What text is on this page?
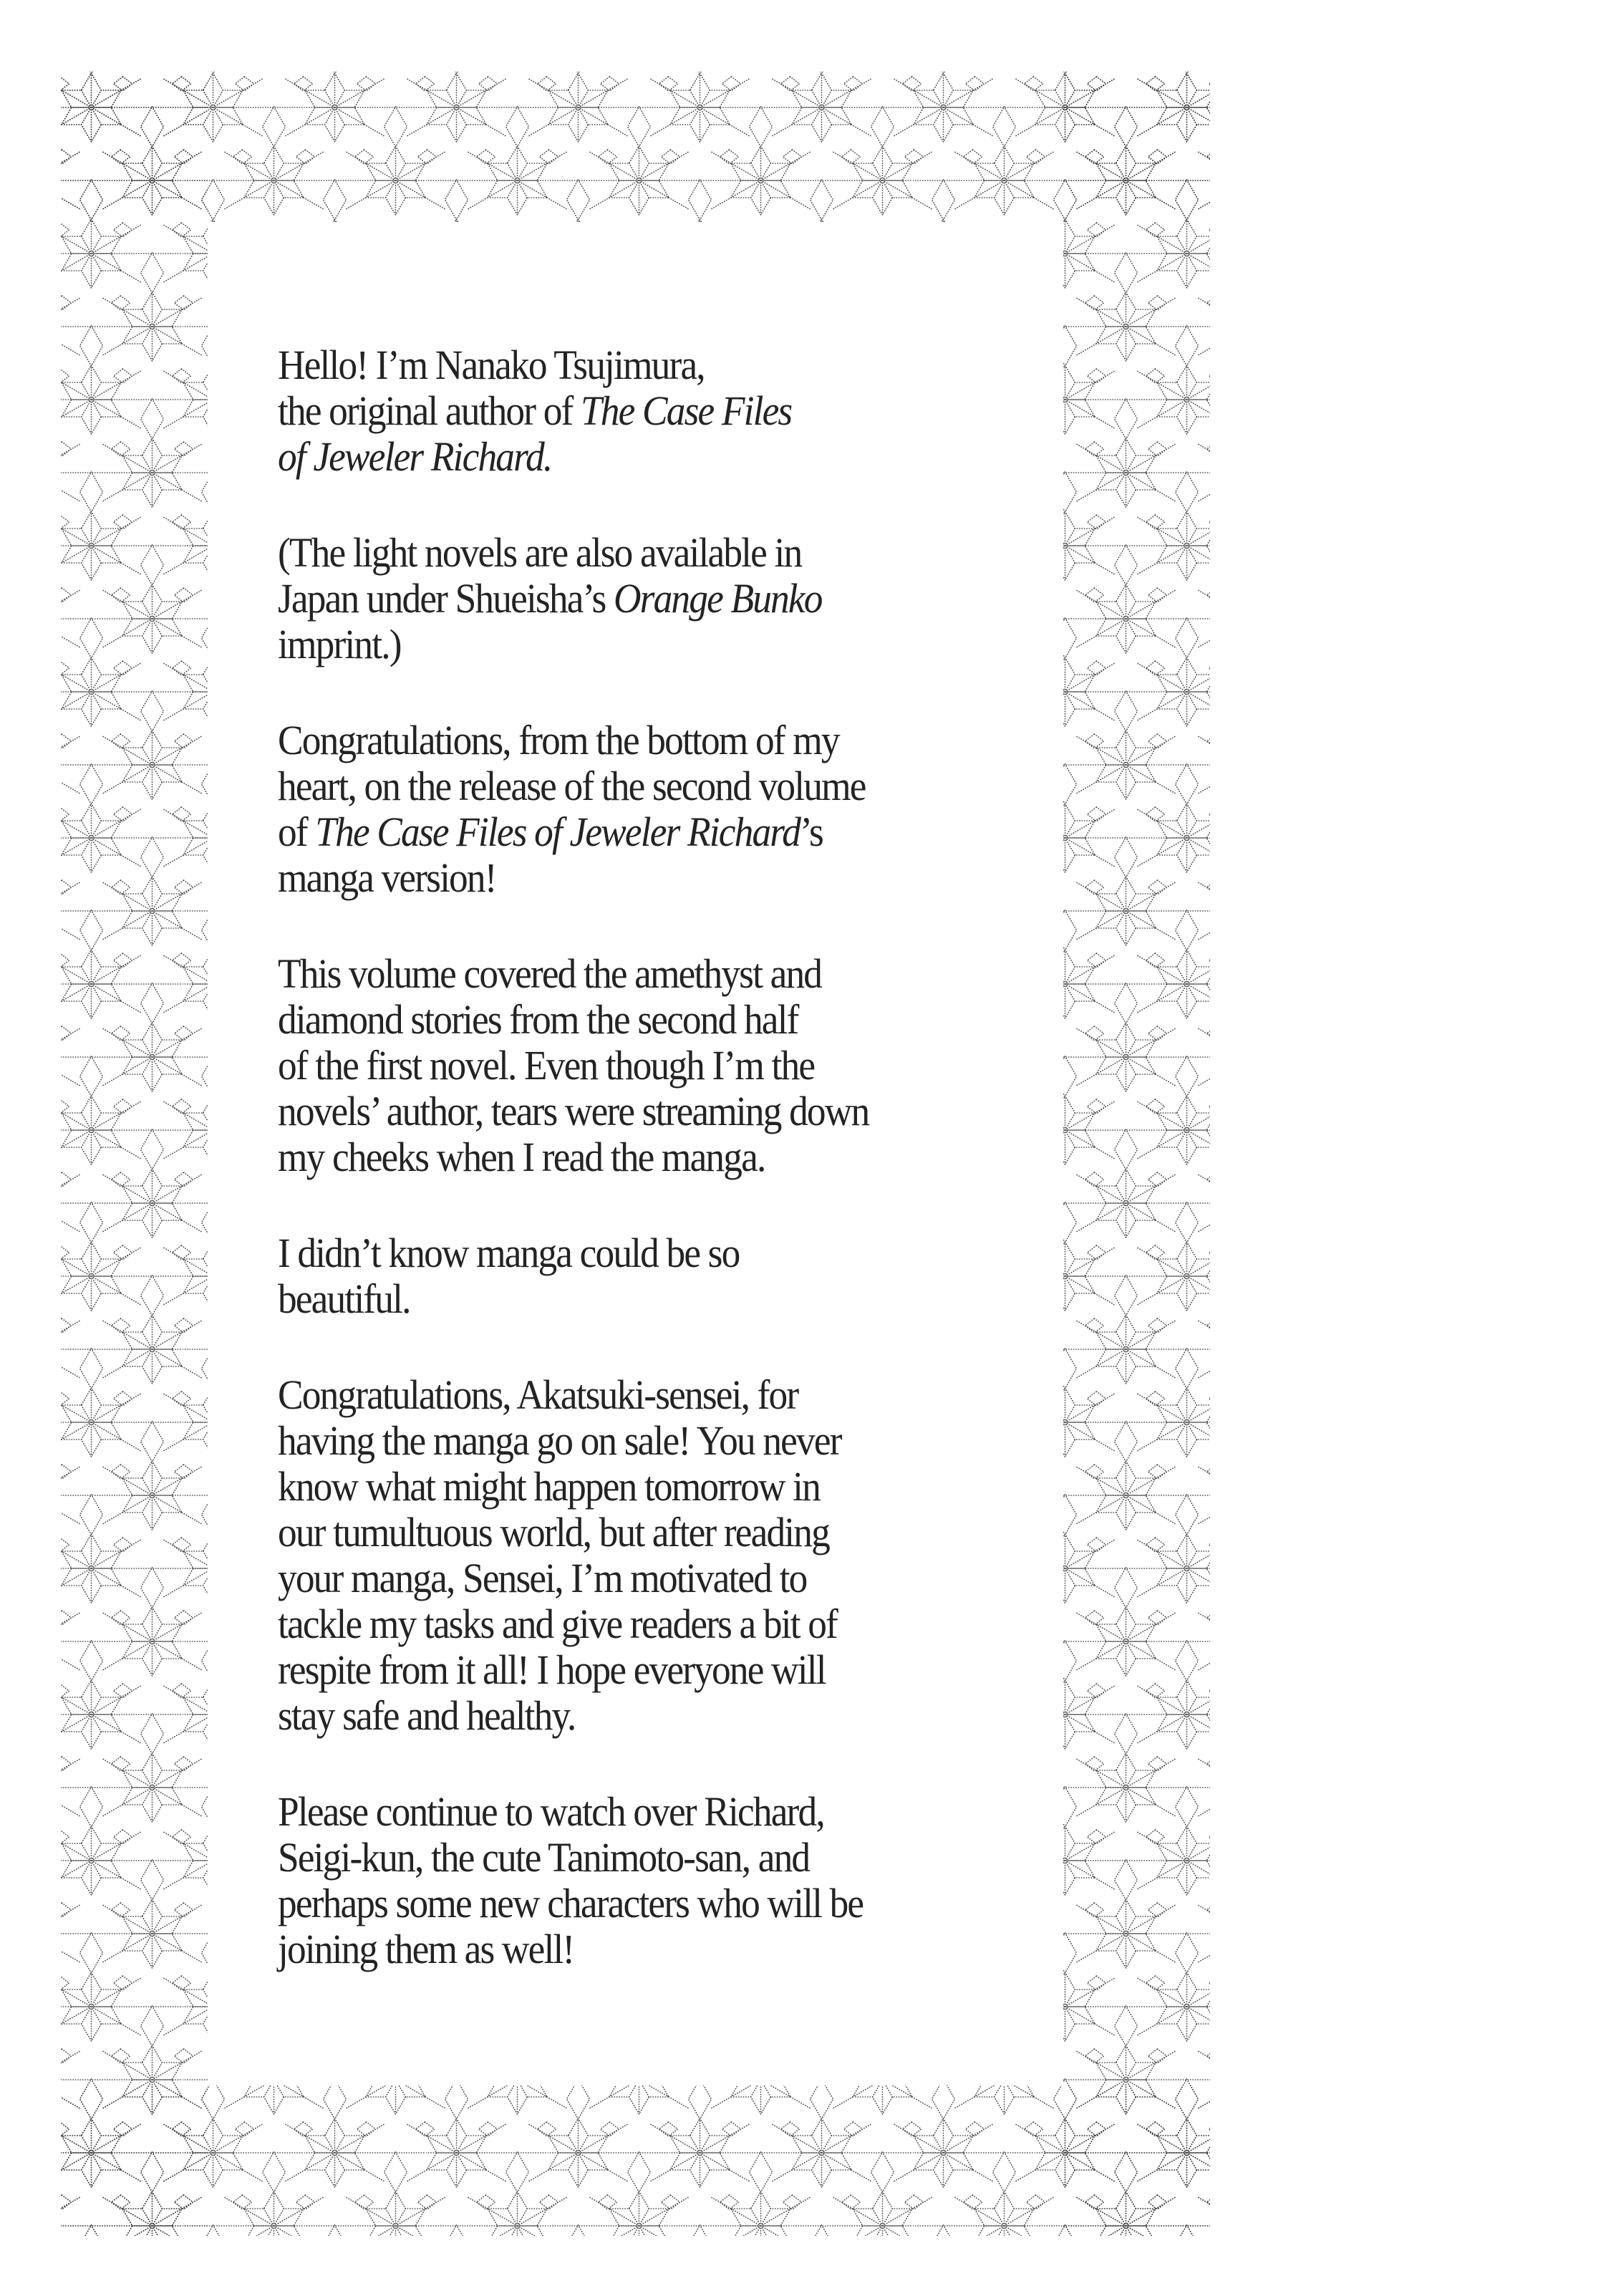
Hello! I’m Nanako Tsujimura,
the original author of The Case Files
of Jeweler Richard.

(The light novels are also available in
Japan under Shueisha’s Orange Bunko
imprint.)

Congratulations, from the bottom of my
heart, on the release of the second volume
of The Case Files of Jeweler Richard’s
manga version!

This volume covered the amethyst and
diamond stories from the second half
of the first novel. Even though I’m the
novels’ author, tears were streaming down
my cheeks when I read the manga.

I didn’t know manga could be so
beautiful.

Congratulations, Akatsuki-sensei, for
having the manga go on sale! You never
know what might happen tomorrow in
our tumultuous world, but after reading
your manga, Sensei, I’m motivated to
tackle my tasks and give readers a bit of
respite from it all! I hope everyone will
stay safe and healthy.

Please continue to watch over Richard,
Seigi-kun, the cute Tanimoto-san, and
perhaps some new characters who will be
joining them as well!
